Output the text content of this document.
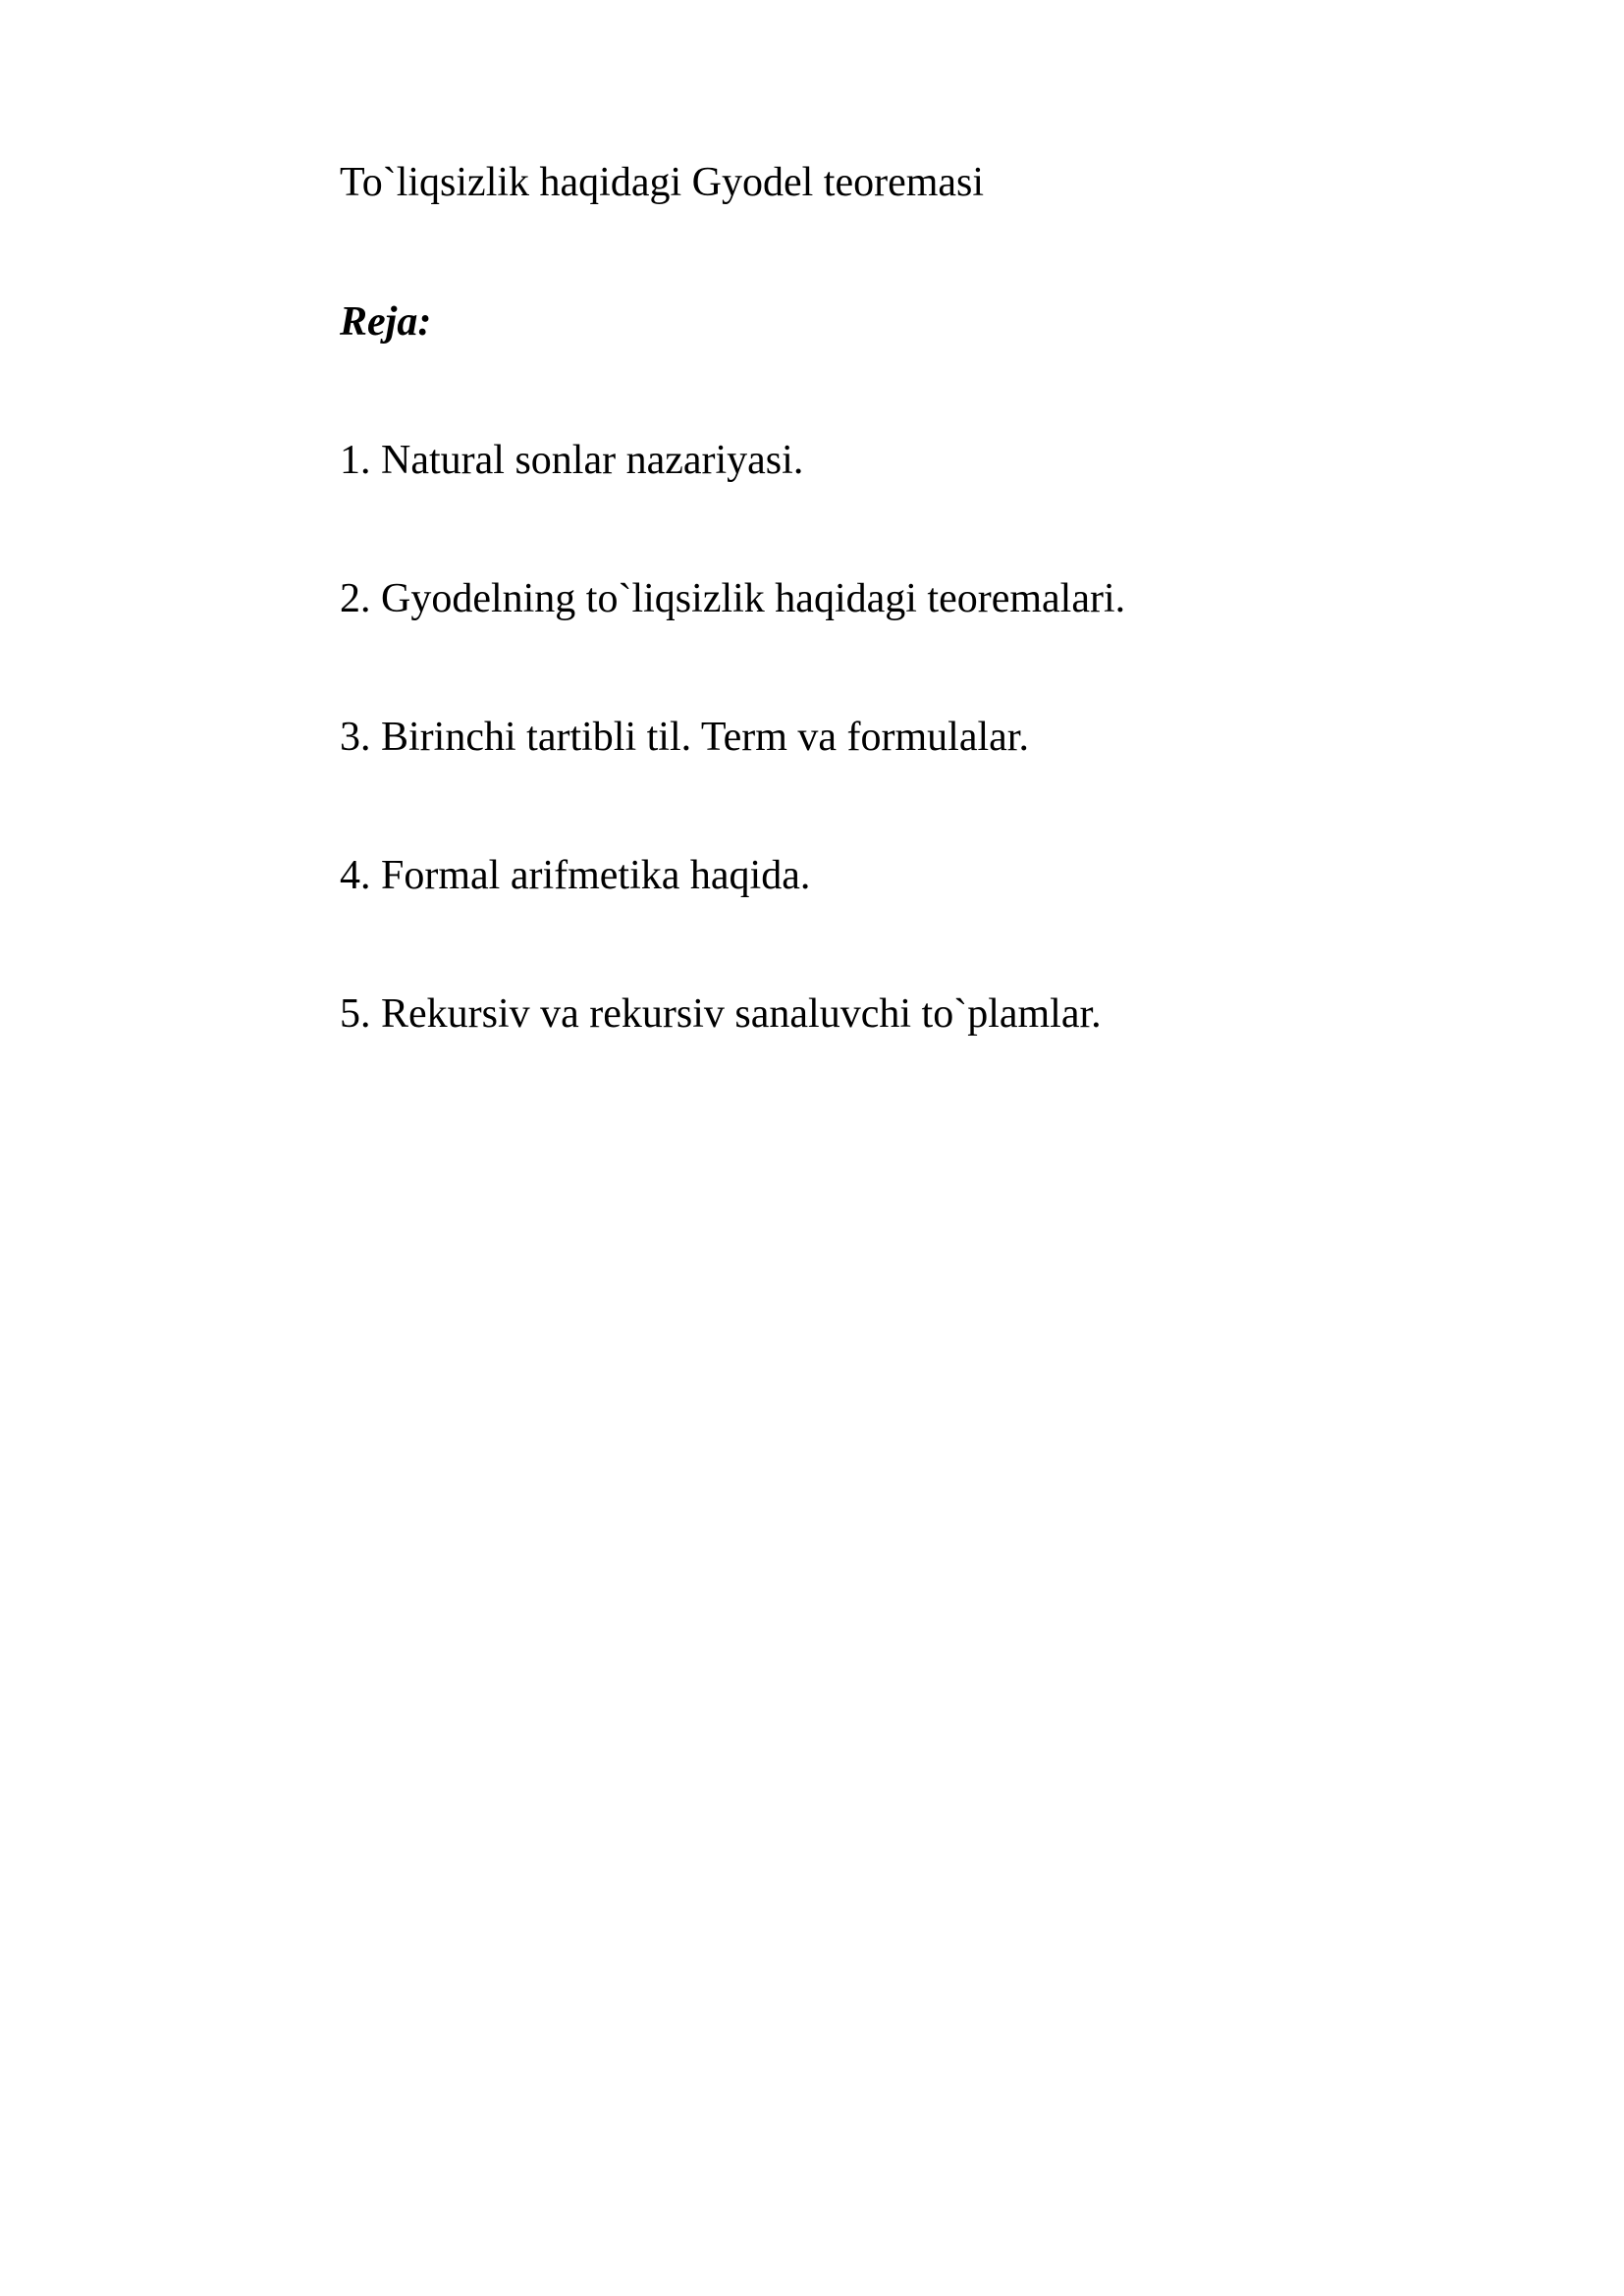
To`liqsizlik haqidagi Gyodel teoremasi

Reja:

1. Natural sonlar nazariyasi.
2. Gyodelning to`liqsizlik haqidagi teoremalari.
3. Birinchi tartibli til. Term va formulalar.
4. Formal arifmetika haqida.
5. Rekursiv va rekursiv sanaluvchi to`plamlar.
